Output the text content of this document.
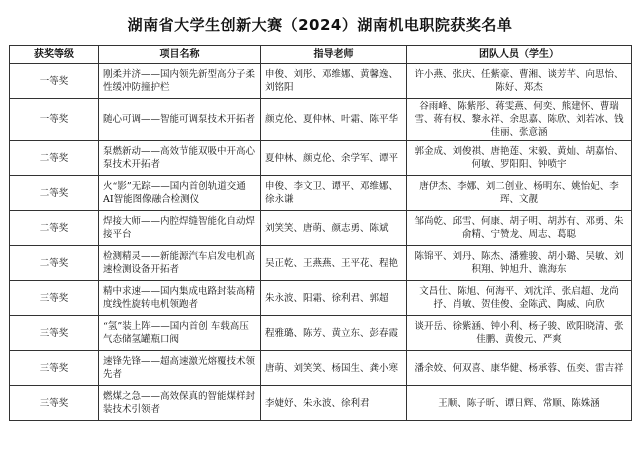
湖南省大学生创新大赛（2024）湖南机电职院获奖名单
获奖等级	项目名称	指导老师	团队人员（学生）
一等奖	刚柔并济——国内领先新型高分子柔性缓冲防撞护栏	申俊、刘彤、邓维娜、黄馨逸、刘铭阳	许小燕、张庆、任紫豪、曹湘、谈芳芊、向思怡、陈好、郑杰
一等奖	随心可调——智能可调泵技术开拓者	颜克伦、夏仲林、叶霜、陈平华	谷雨峰、陈紫彤、蒋雯燕、何奕、熊建怀、曹瑞雪、蒋有权、黎永祥、余思嘉、陈欣、刘若冰、钱佳丽、张意涵
二等奖	泵燃新动——高效节能双吸中开高心泵技术开拓者	夏仲林、颜克伦、余学军、谭平	郭金成、刘俊祺、唐艳莲、宋毅、黄灿、胡嘉怡、何敏、罗阳阳、钟喷宇
二等奖	火“影”无踪——国内首创轨道交通AI智能图像融合检测仪	申俊、李文卫、谭平、邓维娜、徐永谦	唐伊杰、李娜、刘二创业、杨明东、姚怡妃、李珲、文靓
二等奖	焊接大师——内腔焊缝智能化自动焊接平台	刘笑笑、唐萌、颜志勇、陈斌	邹尚乾、邱雪、何康、胡子明、胡苏有、邓勇、朱俞精、宁赞龙、周志、葛聪
二等奖	检测精灵——新能源汽车启发电机高速检测设备开拓者	吴正乾、王燕燕、王平花、程艳	陈锦平、刘丹、陈杰、潘雅骏、胡小璐、吴敏、刘积翔、钟旭升、谯海东
三等奖	精中求速——国内集成电路封装高精度线性旋转电机领跑者	朱永波、阳霜、徐利君、郭超	文昌仕、陈旭、何海平、刘沈洋、张启超、龙尚抒、肖敏、贺佳俊、金陈武、陶威、向欣
三等奖	“氢”装上阵——国内首创 车载高压气态储氢罐瓶口阀	程雅璐、陈芳、黄立东、彭春霞	谈开岳、徐紫涵、钟小利、杨子骏、欧阳晓清、张佳鹏、黄俊元、严爽
三等奖	速锋先锋——超高速激光熔覆技术领先者	唐萌、刘笑笑、杨国生、龚小寒	潘余姣、何双喜、康华健、杨承蓉、伍奕、雷吉祥
三等奖	燃煤之急——高效保真的智能煤样封装技术引领者	李婕妤、朱永波、徐利君	王顺、陈子昕、谭日辉、常顺、陈姝涵
